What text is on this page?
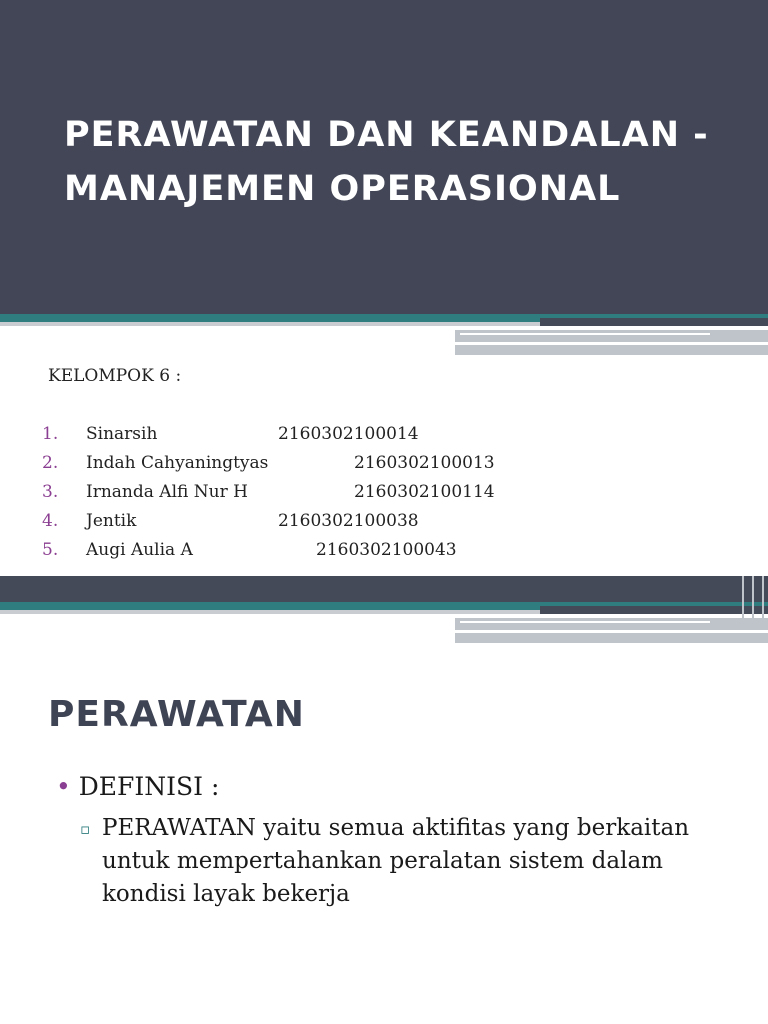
PERAWATAN DAN KEANDALAN -
MANAJEMEN OPERASIONAL

KELOMPOK 6 :

1. Sinarsih	2160302100014
2. Indah Cahyaningtyas	2160302100013
3. Irnanda Alfi Nur H	2160302100114
4. Jentik	2160302100038
5. Augi Aulia A	2160302100043
PERAWATAN
• DEFINISI :
▫ PERAWATAN yaitu semua aktifitas yang berkaitan untuk mempertahankan peralatan sistem dalam kondisi layak bekerja
